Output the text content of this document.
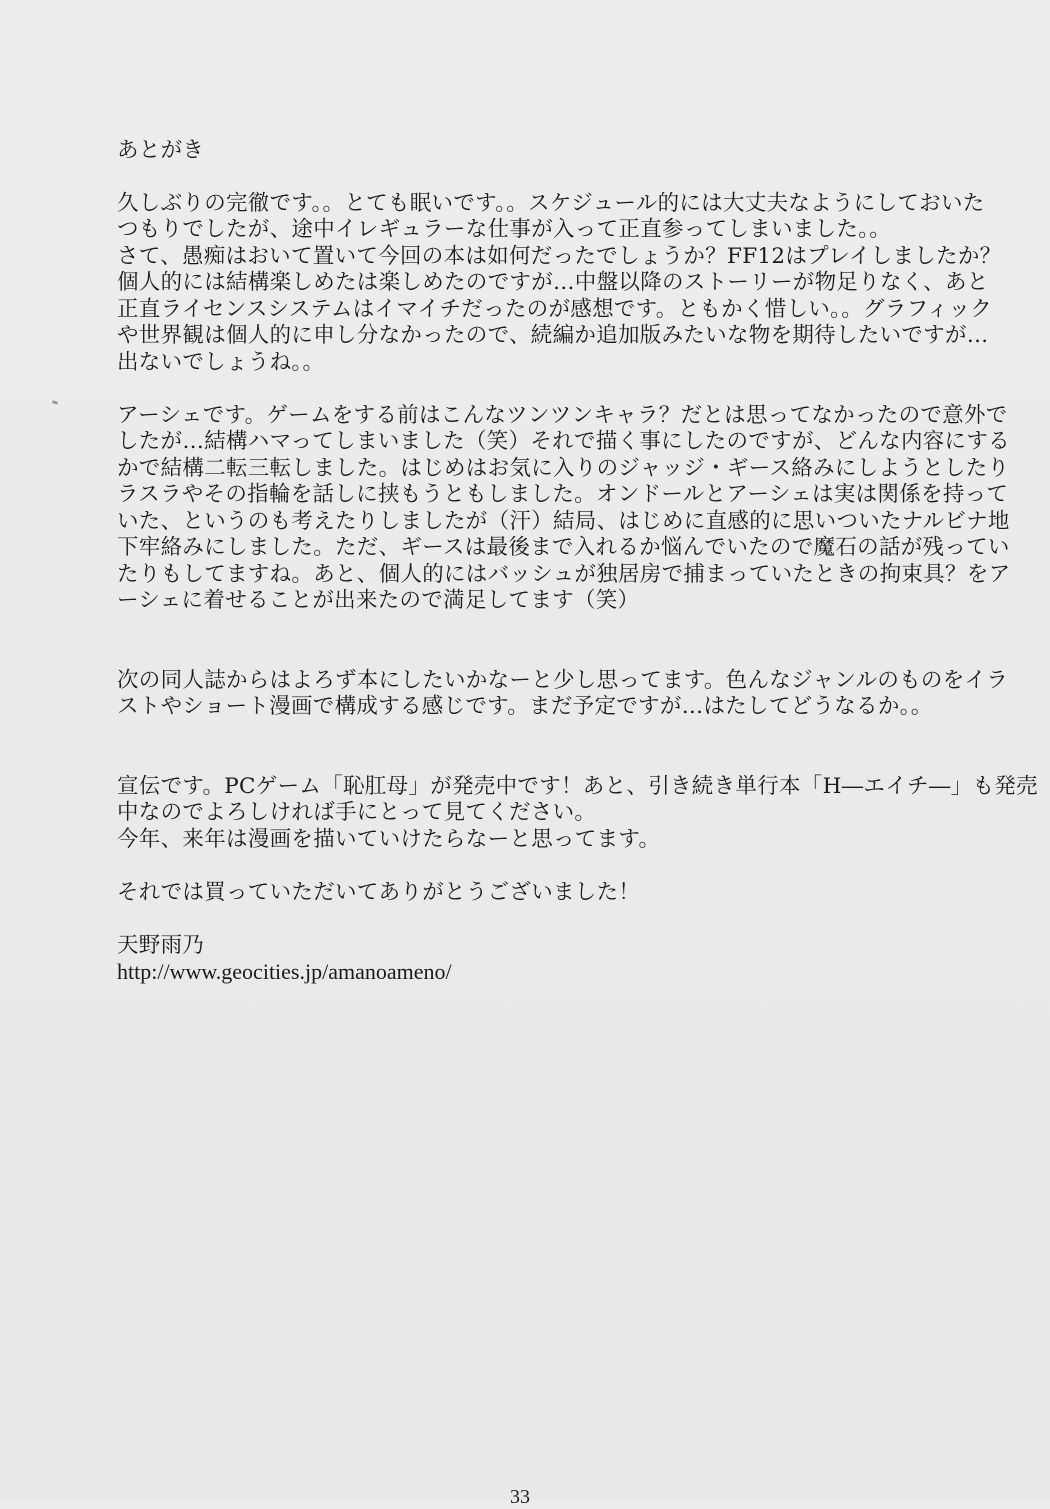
あとがき
久しぶりの完徹です。。とても眠いです。。スケジュール的には大丈夫なようにしておいた
つもりでしたが、途中イレギュラーな仕事が入って正直参ってしまいました。。
さて、愚痴はおいて置いて今回の本は如何だったでしょうか？FF12はプレイしましたか？
個人的には結構楽しめたは楽しめたのですが…中盤以降のストーリーが物足りなく、あと
正直ライセンスシステムはイマイチだったのが感想です。ともかく惜しい。。グラフィック
や世界観は個人的に申し分なかったので、続編か追加版みたいな物を期待したいですが…
出ないでしょうね。。
アーシェです。ゲームをする前はこんなツンツンキャラ？だとは思ってなかったので意外で
したが…結構ハマってしまいました（笑）それで描く事にしたのですが、どんな内容にする
かで結構二転三転しました。はじめはお気に入りのジャッジ・ギース絡みにしようとしたり
ラスラやその指輪を話しに挟もうともしました。オンドールとアーシェは実は関係を持って
いた、というのも考えたりしましたが（汗）結局、はじめに直感的に思いついたナルビナ地
下牢絡みにしました。ただ、ギースは最後まで入れるか悩んでいたので魔石の話が残ってい
たりもしてますね。あと、個人的にはバッシュが独居房で捕まっていたときの拘束具？をア
ーシェに着せることが出来たので満足してます（笑）
次の同人誌からはよろず本にしたいかなーと少し思ってます。色んなジャンルのものをイラ
ストやショート漫画で構成する感じです。まだ予定ですが…はたしてどうなるか。。
宣伝です。PCゲーム「恥肛母」が発売中です！あと、引き続き単行本「H―エイチ―」も発売
中なのでよろしければ手にとって見てください。
今年、来年は漫画を描いていけたらなーと思ってます。
それでは買っていただいてありがとうございました！
天野雨乃
http://www.geocities.jp/amanoameno/
33
